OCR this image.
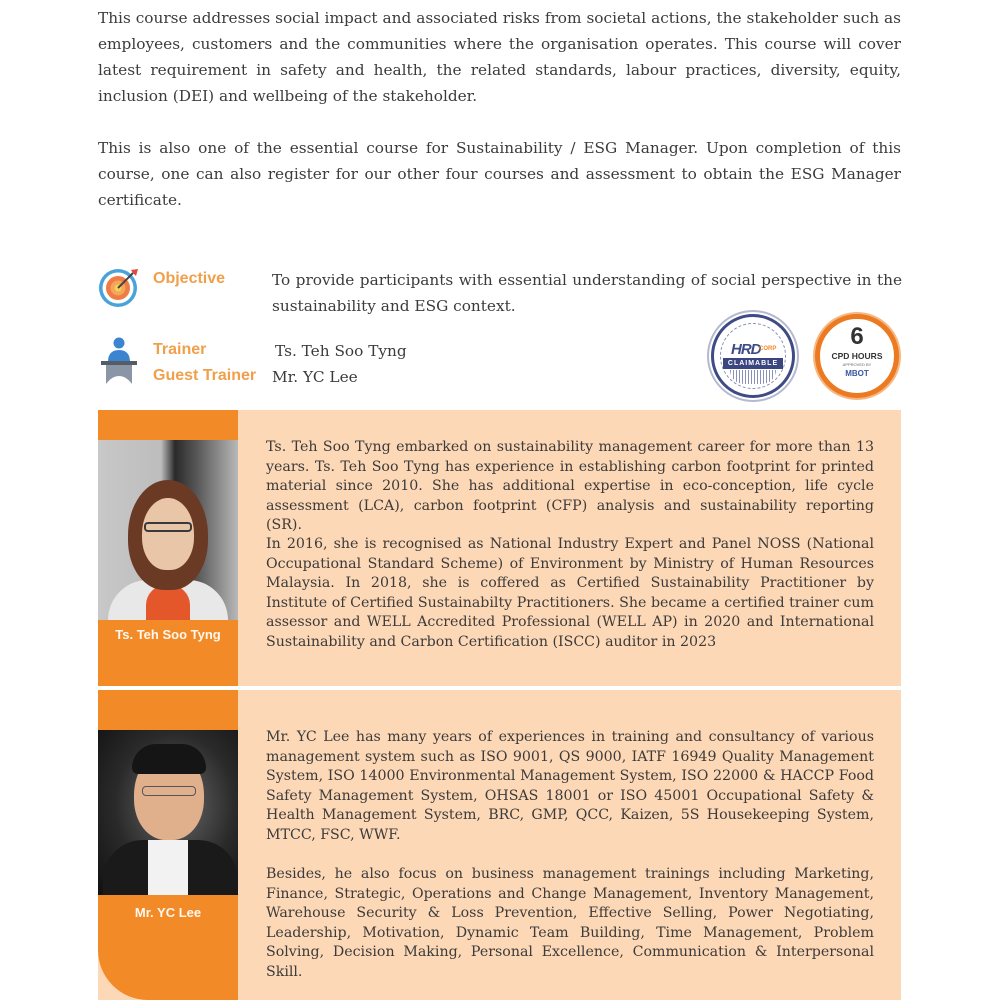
This course addresses social impact and associated risks from societal actions, the stakeholder such as employees, customers and the communities where the organisation operates. This course will cover latest requirement in safety and health, the related standards, labour practices, diversity, equity, inclusion (DEI) and wellbeing of the stakeholder.

This is also one of the essential course for Sustainability / ESG Manager. Upon completion of this course, one can also register for our other four courses and assessment to obtain the ESG Manager certificate.

Objective	To provide participants with essential understanding of social perspective in the sustainability and ESG context.

Trainer	Ts. Teh Soo Tyng
Guest Trainer Mr. YC Lee
HRD
CORP
CLAIMABLE
6
CPD HOURS
APPROVED BY
MBOT
Ts. Teh Soo Tyng

Ts. Teh Soo Tyng embarked on sustainability management career for more than 13 years. Ts. Teh Soo Tyng has experience in establishing carbon footprint for printed material since 2010. She has additional expertise in eco-conception, life cycle assessment (LCA), carbon footprint (CFP) analysis and sustainability reporting (SR).

In 2016, she is recognised as National Industry Expert and Panel NOSS (National Occupational Standard Scheme) of Environment by Ministry of Human Resources Malaysia. In 2018, she is coffered as Certified Sustainability Practitioner by Institute of Certified Sustainabilty Practitioners. She became a certified trainer cum assessor and WELL Accredited Professional (WELL AP) in 2020 and International Sustainability and Carbon Certification (ISCC) auditor in 2023

Mr. YC Lee

Mr. YC Lee has many years of experiences in training and consultancy of various management system such as ISO 9001, QS 9000, IATF 16949 Quality Management System, ISO 14000 Environmental Management System, ISO 22000 & HACCP Food Safety Management System, OHSAS 18001 or ISO 45001 Occupational Safety & Health Management System, BRC, GMP, QCC, Kaizen, 5S Housekeeping System, MTCC, FSC, WWF.

Besides, he also focus on business management trainings including Marketing, Finance, Strategic, Operations and Change Management, Inventory Management, Warehouse Security & Loss Prevention, Effective Selling, Power Negotiating, Leadership, Motivation, Dynamic Team Building, Time Management, Problem Solving, Decision Making, Personal Excellence, Communication & Interpersonal Skill.
